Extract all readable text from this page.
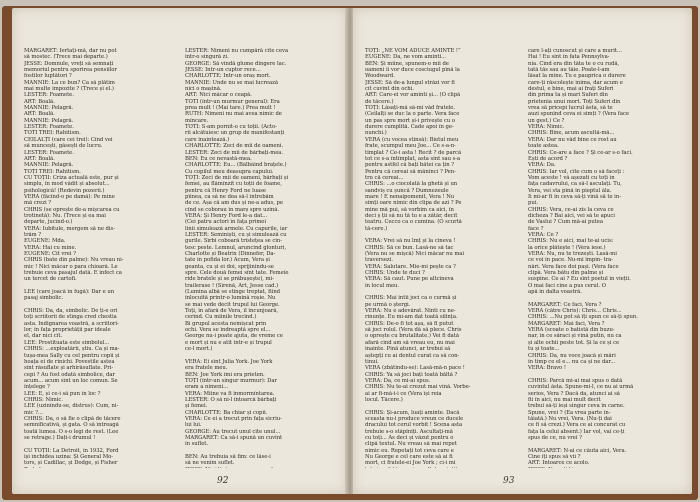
MARGARET: Iertați-mă, dar nu pot
să mostec. (Trece mai departe.)
JESSE: Domnule, vreți să semnați
memoriul pentru sporirea pensiilor
fostilor luptători ?
MANNIE: La ce bun? Ca să plătim
mai multe impozite ? (Trece și el.)
LESTER: Foamete.
ART: Boală.
MANNIE: Pelagră.
ART: Boală.
MANNIE: Pelagră.
LESTER: Foamete.
TOTI TREI: Rahitism.
CEILALȚI (care cei trei): Cînd vei
să muncești, găsești de lucru.
LESTER: Foamete.
ART: Boală.
MANNIE: Pelagră.
TOȚI TREI: Rahitism.
CU TOȚII: Criza actuală este, pur și
simplu, în mod vădit și absolut...
psihologică! (Redevin pozerii.)
VERA (făcînd-o pe damă): Pe mine
mă crezi ?
CHRIS (se oprește de-a mișcarea cu
trotinetă): Nu. (Trece și ea mai
departe, jucînd-o.)
VERA: Iubitule, mergem să ne dis-
trăm ?
EUGENE: Mda.
VERA: Hai cu mine.
EUGENE: Cît vrei ?
CHRIS (bate din palme): Nu vreau ni-
mic ! Nici măcar o para chioară. Le
trebuie ceva pasajul dată. E infect ca
un tercet de cartofi.

LEE (care joacă în fugă): Dar e un
pasaj simbolic.

CHRIS: Da, da, simbolic. De ți-e ori
toți scriitorii de stînga cred chestia
asta. Indignarea voastră, a scriitori-
lor, în fața proprietății par ideale
el, dar nici cît.
LEE: Prostituata este simbolul...
CHRIS: ...exploatării, știu. Ca și ma-
tușa-mea Sally cu cel pentru copii și
hoața ei de rinichi. Povestile astea
sînt răsuflate și arhirăsuflate. Pri-
cepi ? Au fost odată simbolice, dar
acum... acum sînt un loc comun. Se
înțelege ?
LEE: E, și ce-i să pun în loc ?
CHRIS: Nimic.
LEE (uzinîndu-se, distrus): Cum, ni-
mic ?...
CHRIS: Da, o să fie o clipă de tăcere
semnificativă, și gata. O să întreagă
toată lumea. O s-o legi de rest. (Lee
se retrage.) Dați-i drumul !

CU TOȚII: La Detroit, în 1932, Ford
își închidea uzina: Și General Mo-
tors, și Cadillac, și Dodge, și Fisher

LESTER: Nimeni nu cumpără cîte ceva
într-o singură zi.
GEORGE: Să vindă glume dingere lac.
JESSE: Într-un cuptor rece...
CHARLOTTE: Într-un oraș mort.
MANNIE: Unde nu se mai lucrează
nici o mașină.
ART: Nici măcar o ceapă.
TOTI (într-un murmur general): Era
prea mult ! (Mai tare.) Prea mult !
RUTH: Nimeni nu mai avea nimic de
mîncare.
TOTI: S-am pornit-o cu toții. (Acto-
rii alcătuiesc un grup de manifestanți
care înaintează.)
CHARLOTTE: Zeci de mii de oameni.
LESTER: Zeci de mii de bărbați-mea.
BEN: Eu ce nevastă-mea.
CHARLOTTE: Eu... (Bâlbâind brațele.)
Cu copilul meu deasupra capului.
TOȚI: Zeci de mii de oameni, bărbați și
femei, au flămînzit cu toții de foame,
pentru că Henry Ford ne luase
pîinea, ca să ne dea să-l întrebăm
de ce. Așa că am dus și ne-a adus, pe
cînd se coborau în marș spre uzină.
VERA: Și Henry Ford le-a dat...
(Cei patru actori în fața primei
linii simulează armele. Cu capurile, iar
LESTER: Seminiști, cu și simulează cu
gurile. Sîrbi coboară tristețea se cin-
tesc peste. Lemnul, aruncînd glonturi,
Charlotte și Beatrix (Dinnefer, Da-
tate în pofida lor.) Acum, Vera și
geanta, cu și ei doi, sprijinindu-se
spre. Cele două femei sînt tate. Femeie
ride bratele și se prăbușește), mi-
trailerase ! (Sirenă, Art, Jesse cad.)
(Lumina albă se stinge treptat, fiind
înlocuită printr-o lumină roșie. Nu
se mai vede decît trupul lui George.
Toți, în afară de Vera, îl încunjoară,
cerînd. Cu mîinile trecînd.)
Bi grupul acesta nemișcat prin
ochi. Vera se îndreaptă spre el...
George nu-i poate ajuta, de vreme ce
e mort și nu e atît intr-e și trupul
ce-l mort.)

VERA: Ei sînt Julia York. Joe York
era fratele meu.
BEN: Joe York îmi era prieten.
TOȚI (într-un singur murmur): Dar
eram a nimeni...
VERA: Mîine va fi înmormîntarea.
LESTER: O să ni-l întoarcă bărbați
și femei.
CHARLOTTE: Ba chiar și copii.
VERA: Ce ei a trecut prin fața sicriu-
lui lui.
GEORGE: Au trecut unul cîte unul...
MARGARET: Ca să-i spună un cuvînt
în suflet.

BEN: Au trebuia să fim: ce lăse-i
să ne venim suflet.
92
TOȚI: „NE VOM ADUCE AMINTE !”
EUGENE: Da, ne vom aminti...
BEN: Și mîine, spunem-o mii de
oameni îi vor duce cosciugul pînă la
Woodward.
JESSE: Să de-a lungul străzi vor fi
cît cuvînt din ochi.
ART: Care-ei vor aminti și... (O clipă
de tăcere.)
TOȚI: Lăsați-mă să-mi văd fratele.
(Ceilalți se duc la o parte. Vera face
un pas spre mort și-i privește cu o
durere cumplită. Cade apoi în ge-
nunchi.)
VERA (cu vocea stinsă): Bietul meu
frate, scumpul meu Joe... Ce s-a-n-
tîmplat ? Ce-i asta ! Recit ? de parcă
tot ce s-a întîmplat, asta sînt sau s-a
pentru astfel că bați bătei ca țin ?
Pentru că cereai să mănînci ? Pen-
tru că cereai...
CHRIS: ...o ciocolată la ghetă și un
sandviș cu șuncă ? Dumnezeule
mare ! E nenaipomenit, Vera ! Nu
simți oare nimic din clipa de azi ? Pe
mine mă pui, să vorbim ca aici, în
deci ș ții să nu tă tu e a zătăr, decît
teatru. Cecco ca o cumina. (O scurtă
tă-cere.)

VERA: Vrei să nu lmț și la cineva !
CHRIS: Să ce bun. Lasă-ne să tac
(Vera nu se mișcă) Nici măcar nu mai
traversezi.
VERA: Salutare. Mie-mi pește ca ?
CHRIS: Unde te duci ?
VERA: Să caut. Pune pe altcineva
în locul meu.

CHRIS: Mai întîi joci ca o curmă și
pe urmă o ștergi.
VERA: Nu e adevărat. Ninti cu ne-
rinunțe. Eu mi-am dat toată silința.
CHRIS: De-o fi tot așa, să fi putut
să joci rolul. (Vera dă să plece. Chris
o oprește cu brutalitate.) Vei fi dată
afară cînd am să vreau eu, nu mai
înainte. Pînă atunci, ar trebui să
aștepți cu ai dentul curat ca să con-
tinui.
VERA (zbătindu-se): Lasă-mă-n pace !
CHRIS: Ya să joci bați toată băltă ?
VERA: Da, ce mi-ai spus.
CHRIS: Nu te-ai crezut mai vină. Vorbe-
ai ar fi-mă-i-i ce (Vera își reia
locul. Tăcere.)

CHRIS: Și-acum, luați aminte. Dacă
sceasta nu-i produce vreun ce ducele
dracului tot cerul vorbit ! Scena asta
trebuie s-o stăpîniți. Ascultați-mă
cu toți... As deci și văzut pentru o
clipă textul. Nu vreau să mai repet
nimic eu. Repetați tot ceva care e
Nu George e cel care este să ai fi
mort, ci fratele-ei Joe York ; ci-i mi
care l-ați cunoscut și care a murit...
Hai ! Eu sînt în fata Pennsylva-
nia. Cînd era din tăta te o cu rudă,
tată tăs sau au tăie. Poate-l-am
lăsat la mine. Tu e pauprica o durere
care-ți răscolește inima, dar acum e
destul, e bine, mai ai frați Suferi
din prima ta și mari Suferi din
prietenia unui mort. Toți Suferi din
vrea să pricepi lucrul ăsta, să te
auzi spunînd ceva ei simți ? (Vera face
un gest.) Ce ?
VERA: Nimic.
CHRIS: Bine, acum ascultă-mă...
VERA: Dar nu văd bine ce rost au
toate astea.
CHRIS: Ce-are a face ? Și ce-ar s-o faci.
Ești de acord ?
VERA: Da.
CHRIS: Iar vol, cîte cum o să faceți :
Vom aceste ! vă așezati cu toți în
fața cadavrului, ca să-l asculați. Tu,
Vera, vei sta pînă în pieptul ăla.
Ii mi-ar fi în ceva să-ți vină să te in-
pui.
CHRIS: Vera, ce-ai zis la ceva ce
dicheza ? Bai aici, vei să te apuci
de Vaslui ? Cum mă-ai putea
face ?
VERA: Ce ?
CHRIS: Nu e aici, mai te-ai ucis:
la orice plătește ! (Vera iese.)
VERA: Nu, nu te trezești. Lasă-mi
ce voi în pace. Nu-mi împin- tra-
nări. Vera face doi pași. (Vera face
clipă. Vera bătu din palme și
suspine. Ce ai ? Eu sînt poetul în vieții.
O mai faci cine a pus cerul. O
apă în dalta voastră.

MARGARET: Ce faci, Vera ?
VERA (către Chris): Chris... Chris...
CHRIS: ...Nu pot să îți spun ce să-ți spun.
MARGARET: Mai faci, Vera ?
VERA (scoate o batistă din buzu-
nar, în ce săraci și vină putin, nu ca
și alte ochii peste tot. Și la ce și ce
tu și toate...
CHRIS: Da, nu voce joacă și mări
în timp ce el e... nu ca și ne dar...
VERA: Bravo !

CHRIS: Parcă mi-ai mai spus o dată
cuvintul ăsta. Spune-mi-l, ce nu ai urmă
serios, Vera ? Dacă da, atunci ai să
fii în aici, nu mai mult decît
trebui să-ți ieși singur ceva în carne.
Spune, vrei ? (Ea vrea parte în-
tăiată.) Nu vrei, Vera. (Nu-ți dai
ce fi să crezi.) Vera ce ai concurat cu
fața la celui absent.) Iar vol, vai ce-ți
spus de ce, nu vrei ?

MARGARET: N-ai ce căuta aici, Vera.
Cine îți spus să vii ?
ART: Intoarce ce acolo.
93
